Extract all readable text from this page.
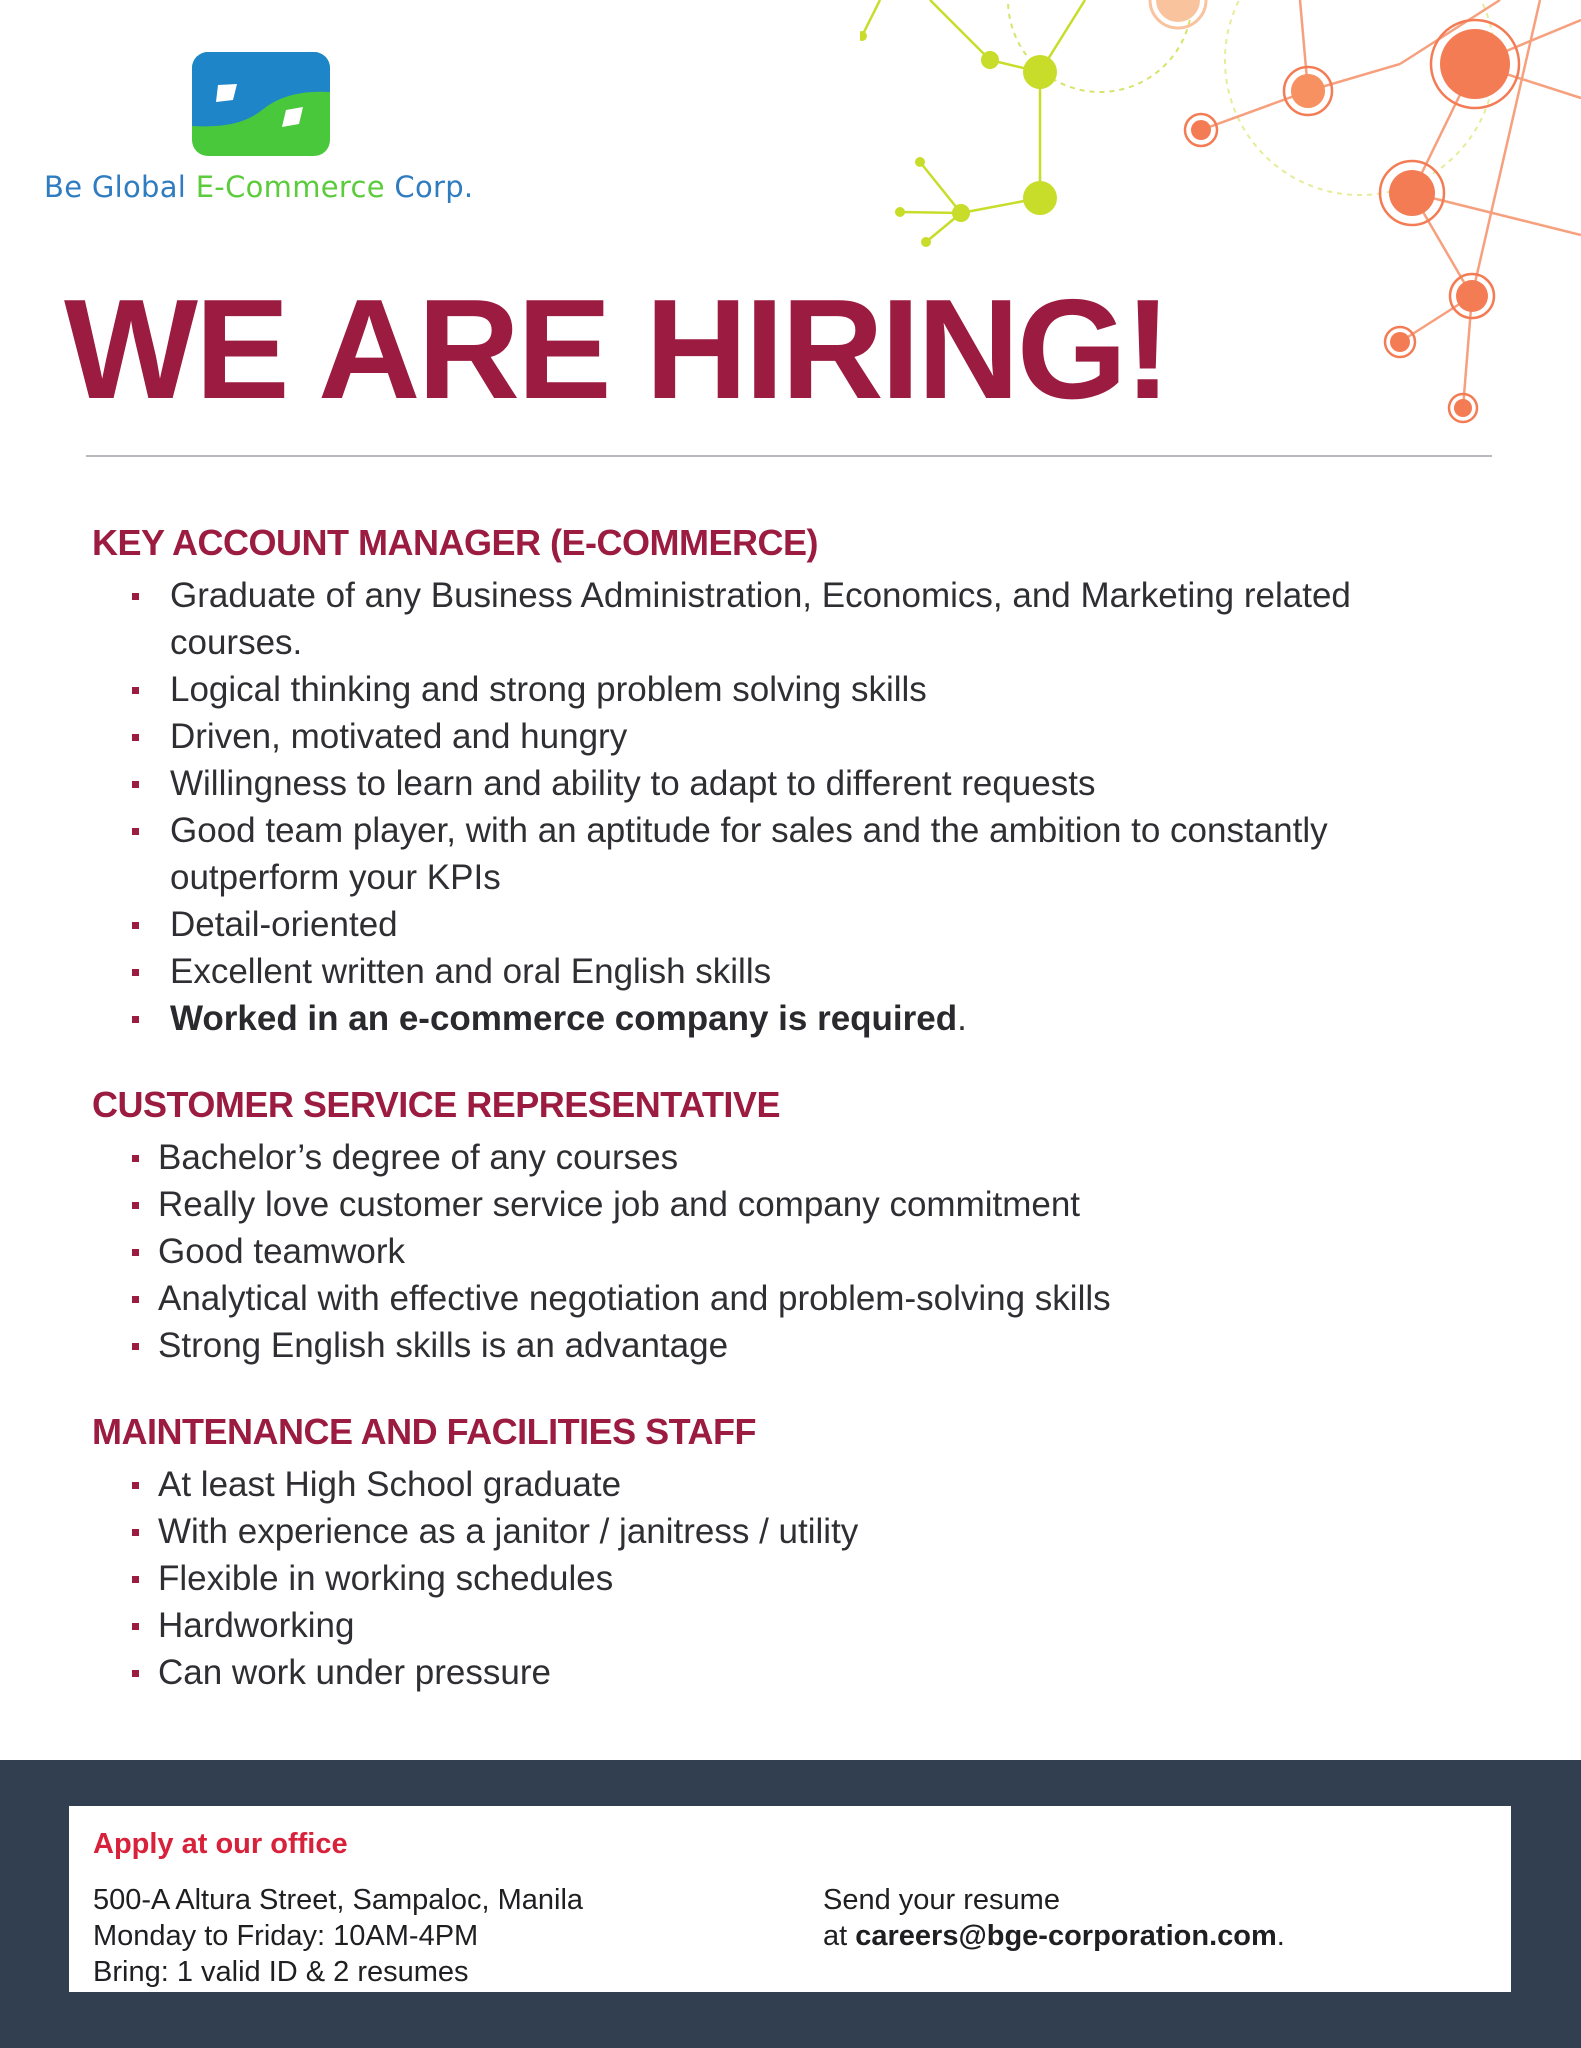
Be Global E-Commerce Corp.
WE ARE HIRING!
KEY ACCOUNT MANAGER (E-COMMERCE)
Graduate of any Business Administration, Economics, and Marketing related courses.
Logical thinking and strong problem solving skills
Driven, motivated and hungry
Willingness to learn and ability to adapt to different requests
Good team player, with an aptitude for sales and the ambition to constantly outperform your KPIs
Detail-oriented
Excellent written and oral English skills
Worked in an e-commerce company is required.
CUSTOMER SERVICE REPRESENTATIVE
Bachelor’s degree of any courses
Really love customer service job and company commitment
Good teamwork
Analytical with effective negotiation and problem-solving skills
Strong English skills is an advantage
MAINTENANCE AND FACILITIES STAFF
At least High School graduate
With experience as a janitor / janitress / utility
Flexible in working schedules
Hardworking
Can work under pressure
Apply at our office
500-A Altura Street, Sampaloc, Manila
Monday to Friday: 10AM-4PM
Bring: 1 valid ID & 2 resumes
Send your resume
at careers@bge-corporation.com.
